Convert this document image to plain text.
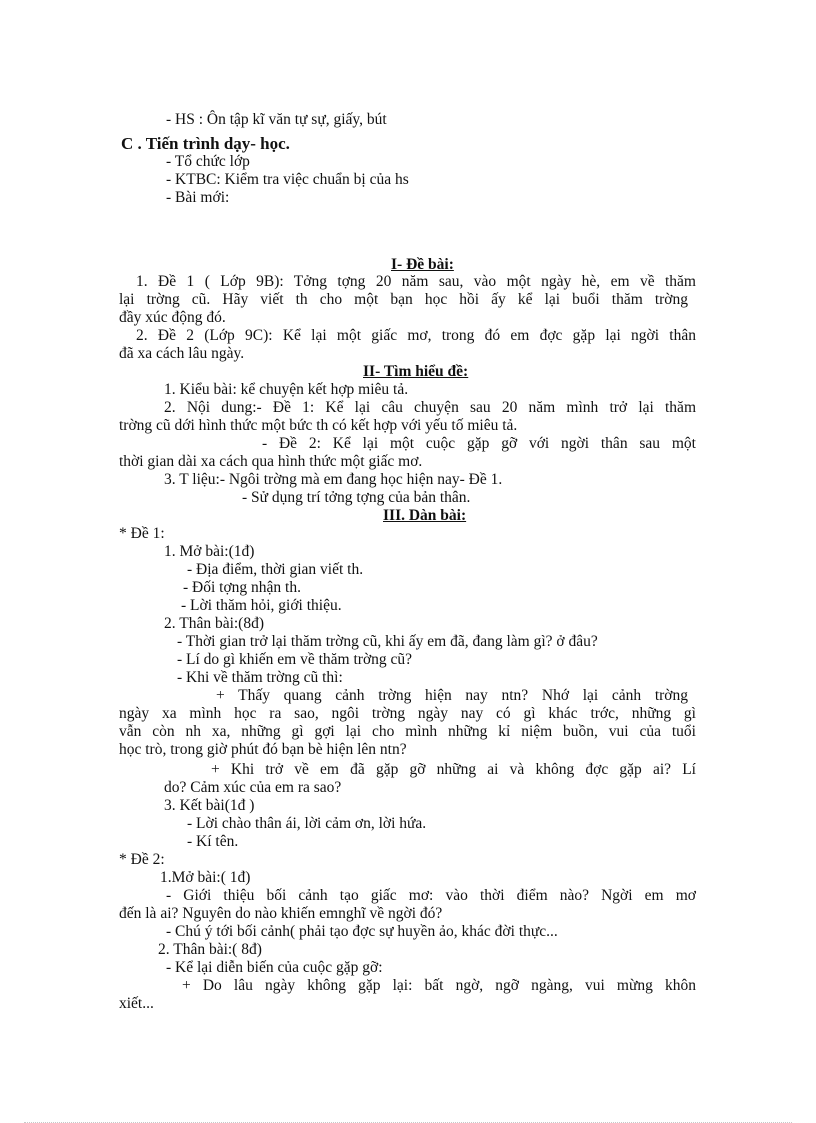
- HS : Ôn tập kĩ văn tự sự, giấy, bút
C . Tiến trình dạy- học.
- Tổ chức lớp
- KTBC: Kiểm tra việc chuẩn bị của hs
- Bài mới:
I- Đề bài:
1. Đề 1 ( Lớp 9B): Tởng tợng 20 năm sau, vào một ngày hè, em về thăm
lại trờng cũ. Hãy viết th cho một bạn học hồi ấy kể lại buổi thăm trờng
đầy xúc động đó.
2. Đề 2 (Lớp 9C): Kể lại một giấc mơ, trong đó em đợc gặp lại ngời thân
đã xa cách lâu ngày.
II- Tìm hiểu đề:
1. Kiểu bài: kể chuyện kết hợp miêu tả.
2. Nội dung:- Đề 1: Kể lại câu chuyện sau 20 năm mình trở lại thăm
trờng cũ dới hình thức một bức th có kết hợp với yếu tố miêu tả.
- Đề 2: Kể lại một cuộc gặp gỡ với ngời thân sau một
thời gian dài xa cách qua hình thức một giấc mơ.
3. T liệu:- Ngôi trờng mà em đang học hiện nay- Đề 1.
- Sử dụng trí tởng tợng của bản thân.
III. Dàn bài:
* Đề 1:
1. Mở bài:(1đ)
- Địa điểm, thời gian viết th.
- Đối tợng nhận th.
- Lời thăm hỏi, giới thiệu.
2. Thân bài:(8đ)
- Thời gian trở lại thăm trờng cũ, khi ấy em đã, đang làm gì? ở đâu?
- Lí do gì khiến em về thăm trờng cũ?
- Khi về thăm trờng cũ thì:
+ Thấy quang cảnh trờng hiện nay ntn? Nhớ lại cảnh trờng
ngày xa mình học ra sao, ngôi trờng ngày nay có gì khác trớc, những gì
vẫn còn nh xa, những gì gợi lại cho mình những kỉ niệm buồn, vui của tuổi
học trò, trong giờ phút đó bạn bè hiện lên ntn?
+ Khi trở về em đã gặp gỡ những ai và không đợc gặp ai? Lí
do? Cảm xúc của em ra sao?
3. Kết bài(1đ )
- Lời chào thân ái, lời cảm ơn, lời hứa.
- Kí tên.
* Đề 2:
1.Mở bài:( 1đ)
- Giới thiệu bối cảnh tạo giấc mơ: vào thời điểm nào? Ngời em mơ
đến là ai? Nguyên do nào khiến emnghĩ về ngời đó?
- Chú ý tới bối cảnh( phải tạo đợc sự huyền ảo, khác đời thực...
2. Thân bài:( 8đ)
- Kể lại diễn biến của cuộc gặp gỡ:
+ Do lâu ngày không gặp lại: bất ngờ, ngỡ ngàng, vui mừng khôn
xiết...
